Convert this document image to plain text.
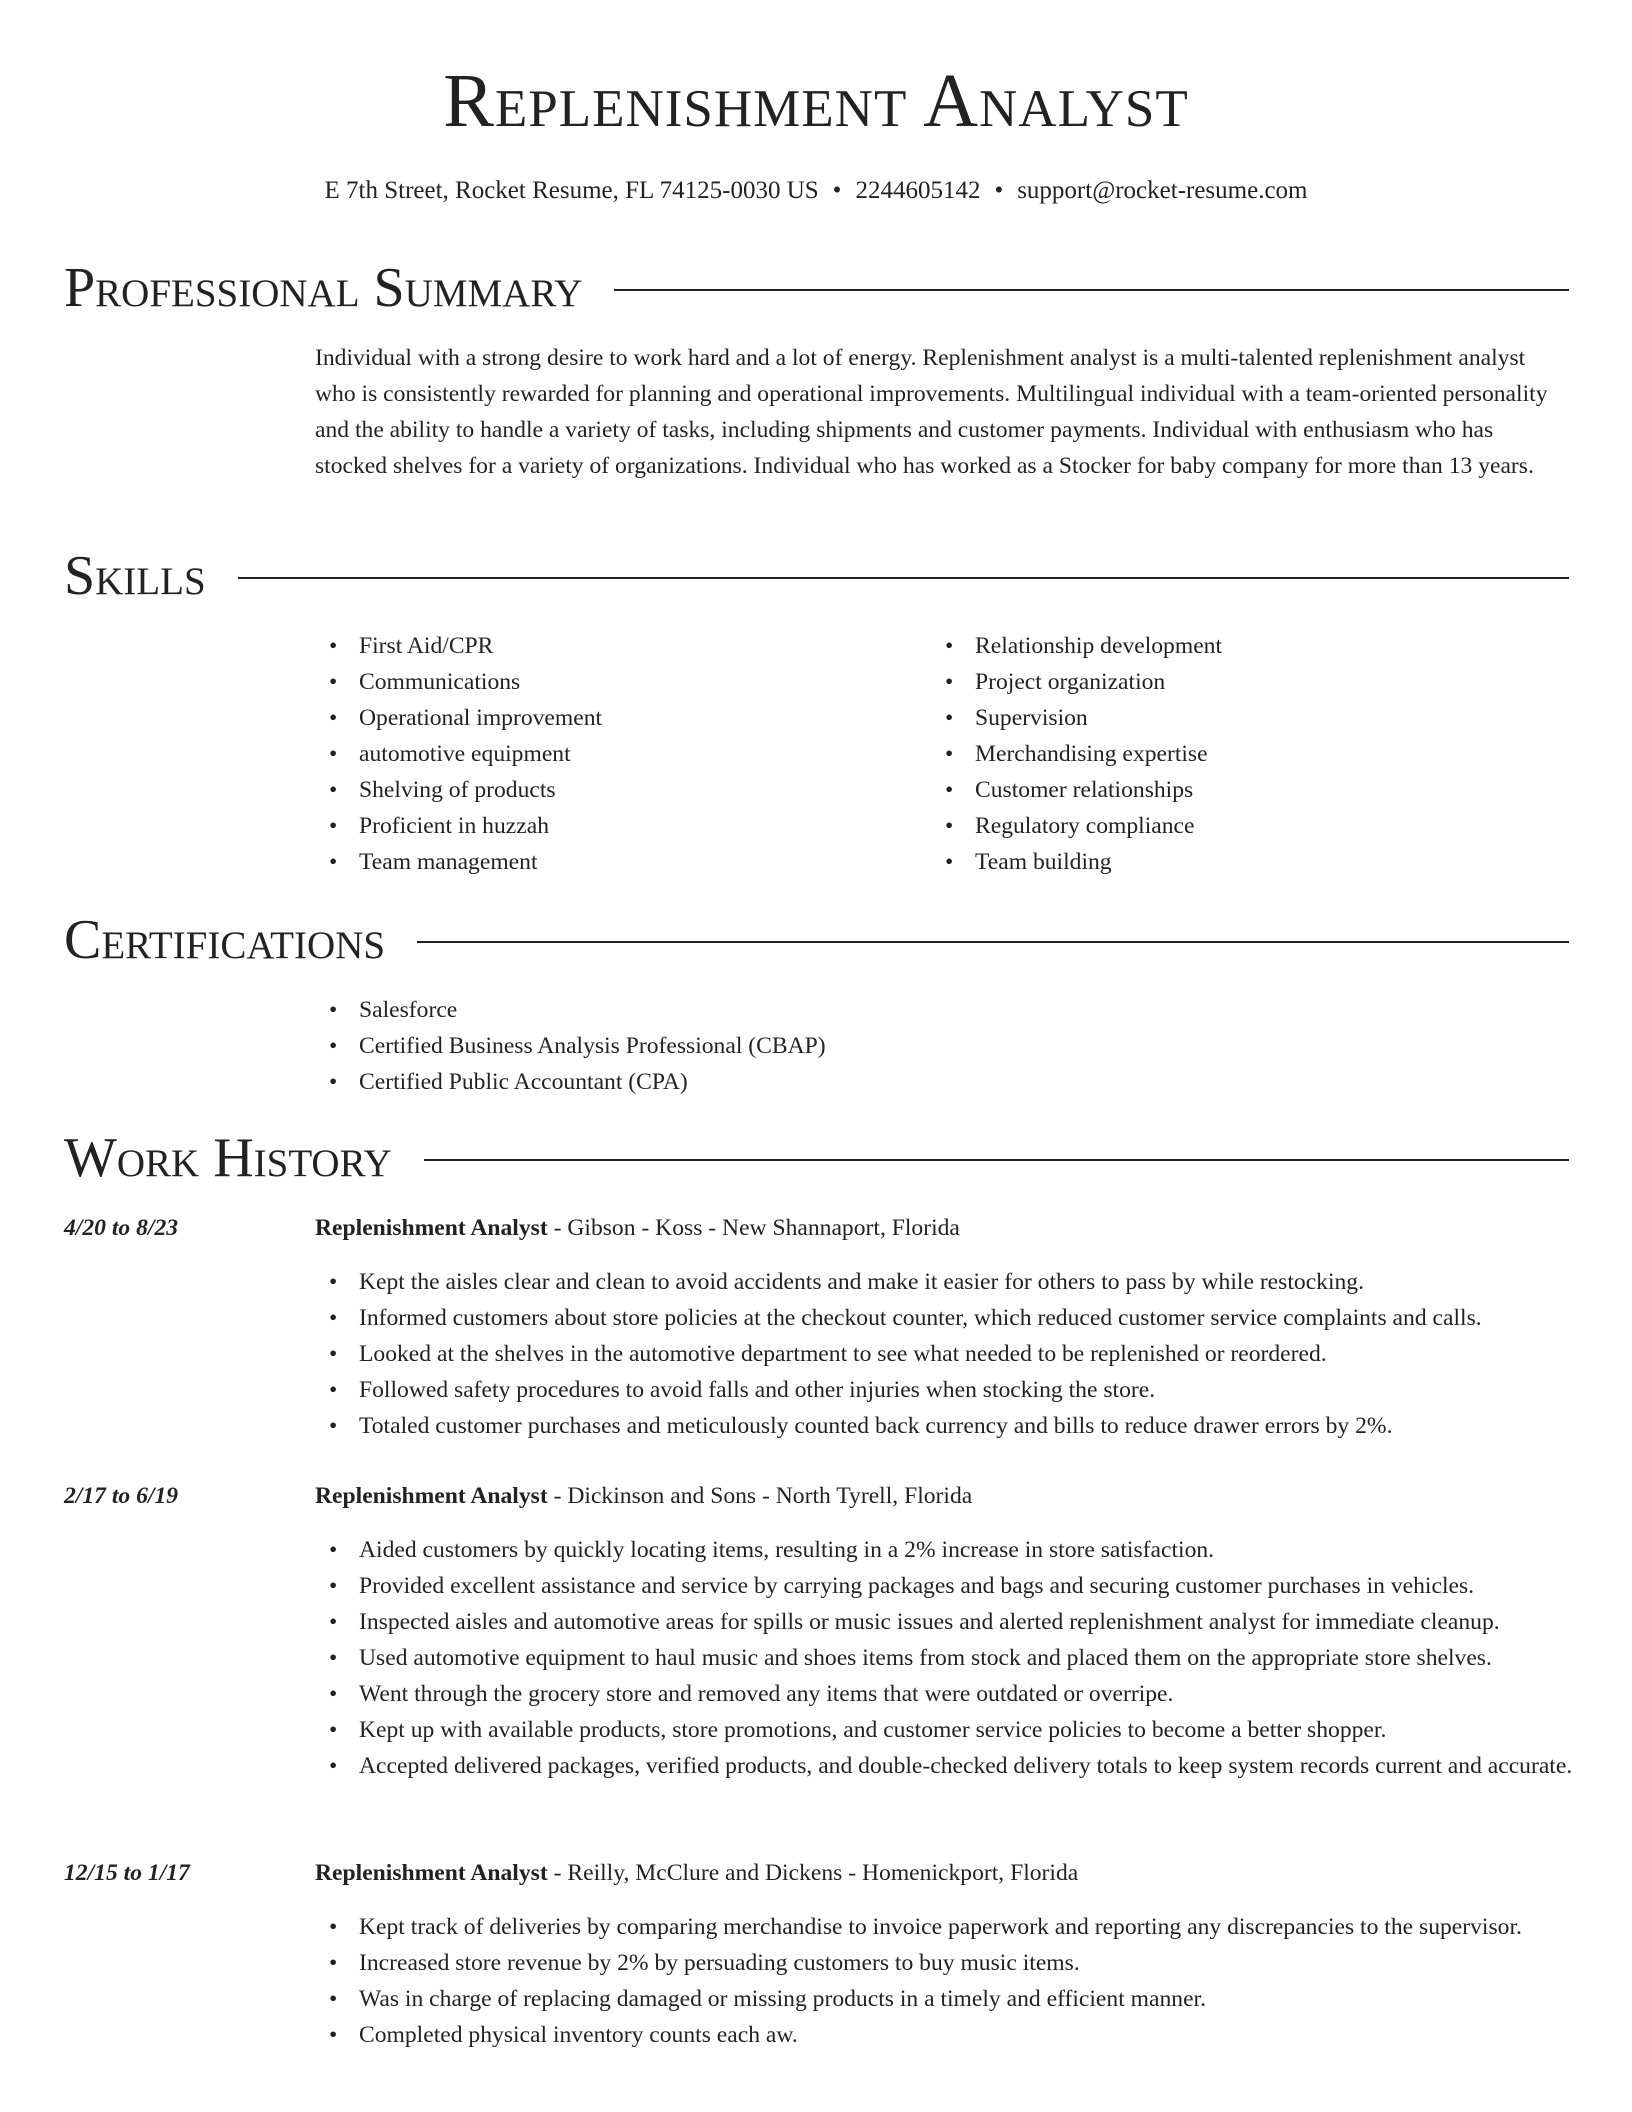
Replenishment Analyst
E 7th Street, Rocket Resume, FL 74125-0030 US • 2244605142 • support@rocket-resume.com
Professional Summary

Individual with a strong desire to work hard and a lot of energy. Replenishment analyst is a multi-talented replenishment analyst who is consistently rewarded for planning and operational improvements. Multilingual individual with a team-oriented personality and the ability to handle a variety of tasks, including shipments and customer payments. Individual with enthusiasm who has stocked shelves for a variety of organizations. Individual who has worked as a Stocker for baby company for more than 13 years.

Skills
• First Aid/CPR
• Communications
• Operational improvement
• automotive equipment
• Shelving of products
• Proficient in huzzah
• Team management
• Relationship development
• Project organization
• Supervision
• Merchandising expertise
• Customer relationships
• Regulatory compliance
• Team building
Certifications
• Salesforce
• Certified Business Analysis Professional (CBAP)
• Certified Public Accountant (CPA)
Work History
4/20 to 8/23	Replenishment Analyst - Gibson - Koss - New Shannaport, Florida
• Kept the aisles clear and clean to avoid accidents and make it easier for others to pass by while restocking.
• Informed customers about store policies at the checkout counter, which reduced customer service complaints and calls.
• Looked at the shelves in the automotive department to see what needed to be replenished or reordered.
• Followed safety procedures to avoid falls and other injuries when stocking the store.
• Totaled customer purchases and meticulously counted back currency and bills to reduce drawer errors by 2%.
2/17 to 6/19	Replenishment Analyst - Dickinson and Sons - North Tyrell, Florida
• Aided customers by quickly locating items, resulting in a 2% increase in store satisfaction.
• Provided excellent assistance and service by carrying packages and bags and securing customer purchases in vehicles.
• Inspected aisles and automotive areas for spills or music issues and alerted replenishment analyst for immediate cleanup.
• Used automotive equipment to haul music and shoes items from stock and placed them on the appropriate store shelves.
• Went through the grocery store and removed any items that were outdated or overripe.
• Kept up with available products, store promotions, and customer service policies to become a better shopper.
• Accepted delivered packages, verified products, and double-checked delivery totals to keep system records current and accurate.
12/15 to 1/17	Replenishment Analyst - Reilly, McClure and Dickens - Homenickport, Florida
• Kept track of deliveries by comparing merchandise to invoice paperwork and reporting any discrepancies to the supervisor.
• Increased store revenue by 2% by persuading customers to buy music items.
• Was in charge of replacing damaged or missing products in a timely and efficient manner.
• Completed physical inventory counts each aw.
